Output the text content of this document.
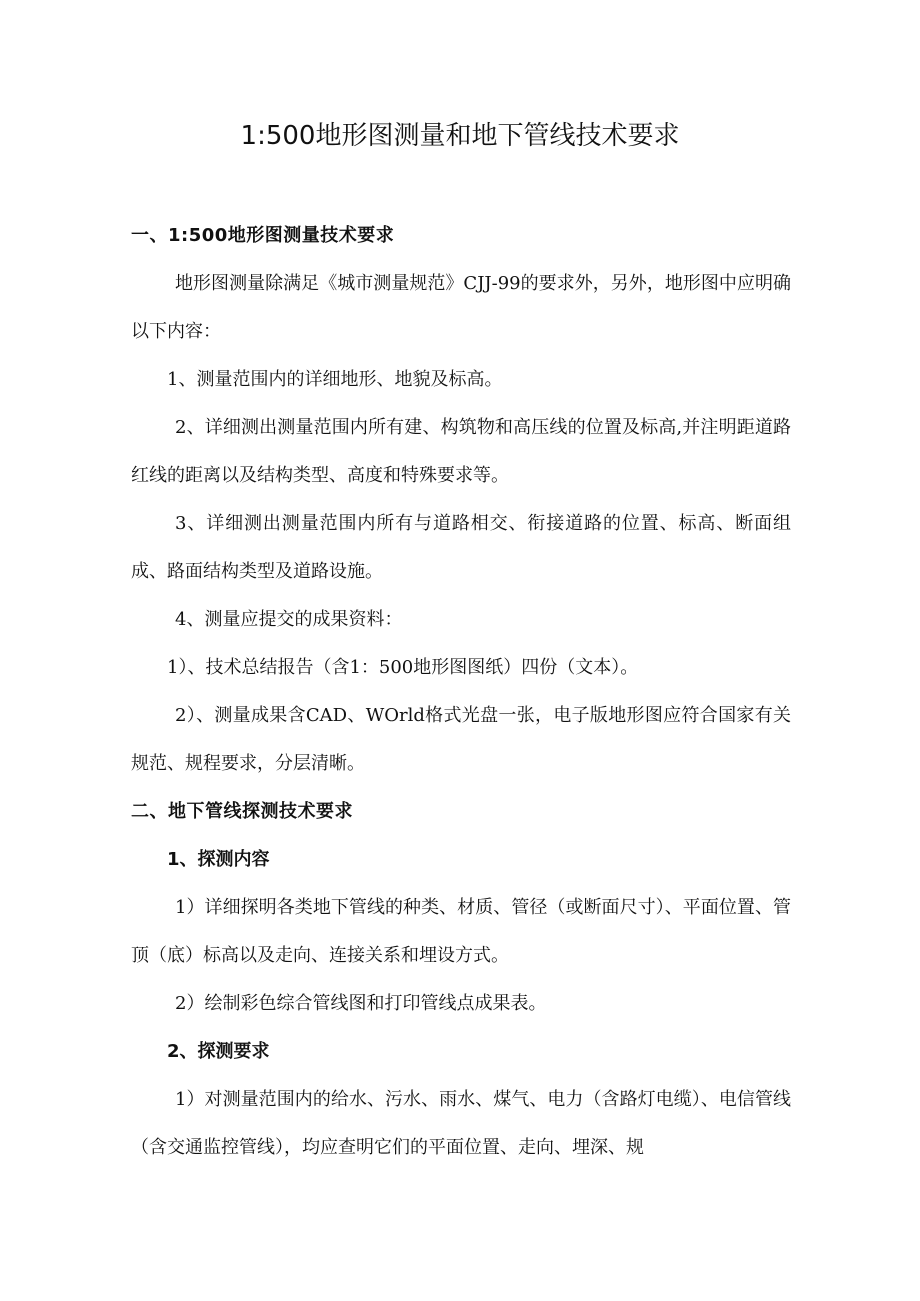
1:500地形图测量和地下管线技术要求

一、1:500地形图测量技术要求

地形图测量除满足《城市测量规范》CJJ-99的要求外，另外，地形图中应明确以下内容：

1、测量范围内的详细地形、地貌及标高。

2、详细测出测量范围内所有建、构筑物和高压线的位置及标高,并注明距道路红线的距离以及结构类型、高度和特殊要求等。

3、详细测出测量范围内所有与道路相交、衔接道路的位置、标高、断面组成、路面结构类型及道路设施。

4、测量应提交的成果资料：

1）、技术总结报告（含1：500地形图图纸）四份（文本）。

2）、测量成果含CAD、WOrld格式光盘一张，电子版地形图应符合国家有关规范、规程要求，分层清晰。

二、地下管线探测技术要求

1、探测内容

1）详细探明各类地下管线的种类、材质、管径（或断面尺寸）、平面位置、管顶（底）标高以及走向、连接关系和埋设方式。

2）绘制彩色综合管线图和打印管线点成果表。

2、探测要求

1）对测量范围内的给水、污水、雨水、煤气、电力（含路灯电缆）、电信管线（含交通监控管线），均应查明它们的平面位置、走向、埋深、规
